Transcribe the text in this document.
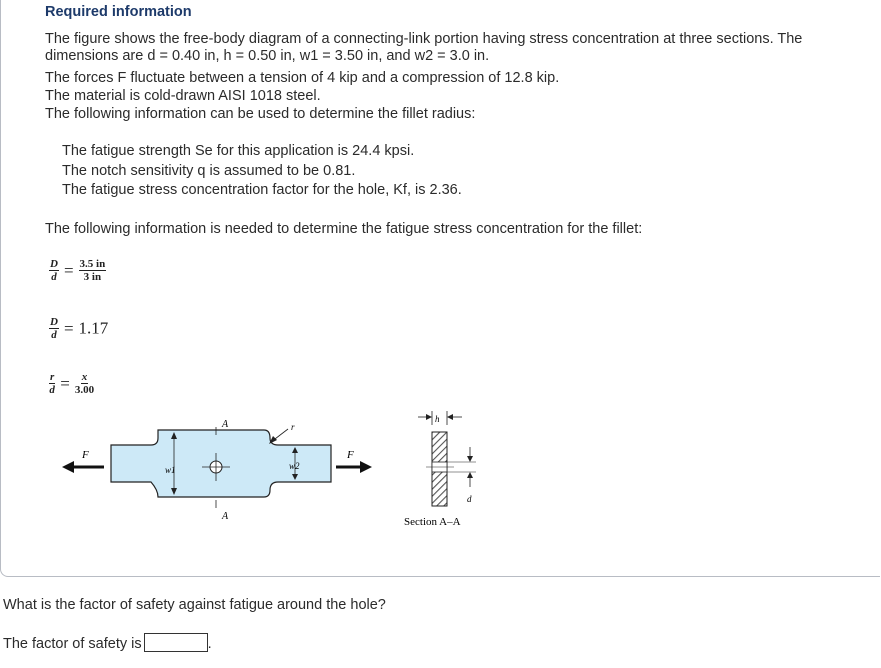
Required information
The figure shows the free-body diagram of a connecting-link portion having stress concentration at three sections. The
dimensions are d = 0.40 in, h = 0.50 in, w1 = 3.50 in, and w2 = 3.0 in.
The forces F fluctuate between a tension of 4 kip and a compression of 12.8 kip.
The material is cold-drawn AISI 1018 steel.
The following information can be used to determine the fillet radius:
The fatigue strength Se for this application is 24.4 kpsi.
The notch sensitivity q is assumed to be 0.81.
The fatigue stress concentration factor for the hole, Kf, is 2.36.
The following information is needed to determine the fatigue stress concentration for the fillet:
$\frac{D}{d} = \frac{3.5 in}{3 in}$
$\frac{D}{d} = 1.17$
$\frac{r}{d} = \frac{x}{3.00}$
F	F
w1
A
A
w2
r
h
d
Section A–A
What is the factor of safety against fatigue around the hole?
The factor of safety is	.
